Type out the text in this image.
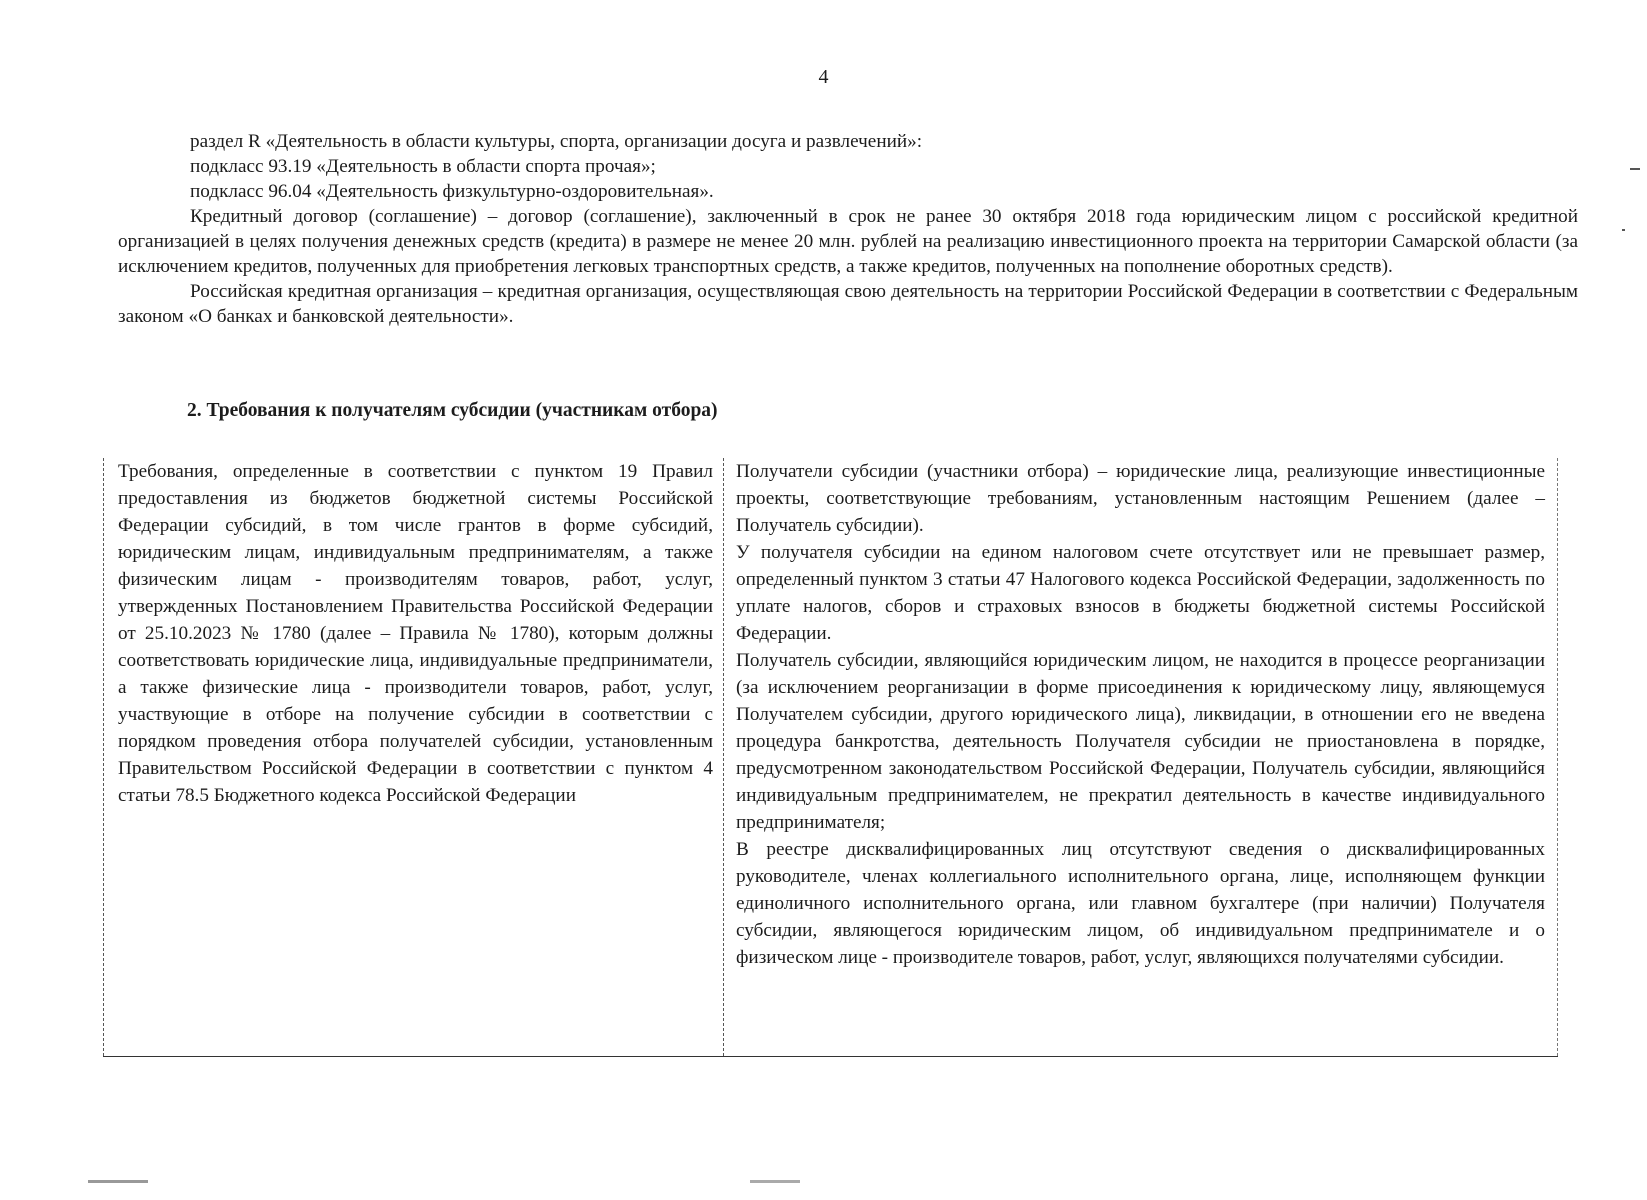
4

раздел R «Деятельность в области культуры, спорта, организации досуга и развлечений»:

подкласс 93.19 «Деятельность в области спорта прочая»;

подкласс 96.04 «Деятельность физкультурно-оздоровительная».

Кредитный договор (соглашение) – договор (соглашение), заключенный в срок не ранее 30 октября 2018 года юридическим лицом с российской кредитной организацией в целях получения денежных средств (кредита) в размере не менее 20 млн. рублей на реализацию инвестиционного проекта на территории Самарской области (за исключением кредитов, полученных для приобретения легковых транспортных средств, а также кредитов, полученных на пополнение оборотных средств).

Российская кредитная организация – кредитная организация, осуществляющая свою деятельность на территории Российской Федерации в соответствии с Федеральным законом «О банках и банковской деятельности».

2. Требования к получателям субсидии (участникам отбора)

Требования, определенные в соответствии с пунктом 19 Правил предоставления из бюджетов бюджетной системы Российской Федерации субсидий, в том числе грантов в форме субсидий, юридическим лицам, индивидуальным предпринимателям, а также физическим лицам - производителям товаров, работ, услуг, утвержденных Постановлением Правительства Российской Федерации от 25.10.2023 № 1780 (далее – Правила № 1780), которым должны соответствовать юридические лица, индивидуальные предприниматели, а также физические лица - производители товаров, работ, услуг, участвующие в отборе на получение субсидии в соответствии с порядком проведения отбора получателей субсидии, установленным Правительством Российской Федерации в соответствии с пунктом 4 статьи 78.5 Бюджетного кодекса Российской Федерации

Получатели субсидии (участники отбора) – юридические лица, реализующие инвестиционные проекты, соответствующие требованиям, установленным настоящим Решением (далее – Получатель субсидии).

У получателя субсидии на едином налоговом счете отсутствует или не превышает размер, определенный пунктом 3 статьи 47 Налогового кодекса Российской Федерации, задолженность по уплате налогов, сборов и страховых взносов в бюджеты бюджетной системы Российской Федерации.

Получатель субсидии, являющийся юридическим лицом, не находится в процессе реорганизации (за исключением реорганизации в форме присоединения к юридическому лицу, являющемуся Получателем субсидии, другого юридического лица), ликвидации, в отношении его не введена процедура банкротства, деятельность Получателя субсидии не приостановлена в порядке, предусмотренном законодательством Российской Федерации, Получатель субсидии, являющийся индивидуальным предпринимателем, не прекратил деятельность в качестве индивидуального предпринимателя;

В реестре дисквалифицированных лиц отсутствуют сведения о дисквалифицированных руководителе, членах коллегиального исполнительного органа, лице, исполняющем функции единоличного исполнительного органа, или главном бухгалтере (при наличии) Получателя субсидии, являющегося юридическим лицом, об индивидуальном предпринимателе и о физическом лице - производителе товаров, работ, услуг, являющихся получателями субсидии.
